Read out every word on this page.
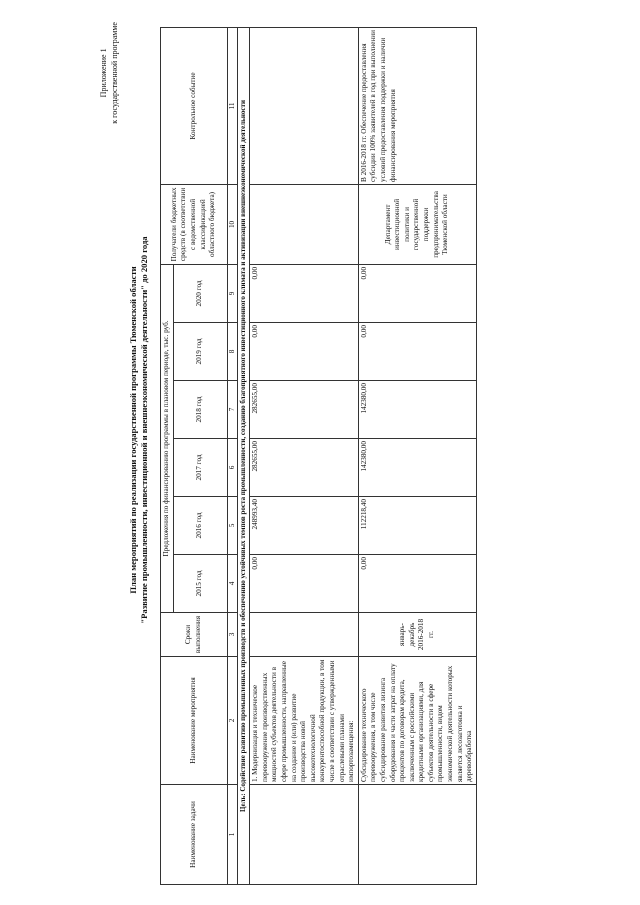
Приложение 1 к государственной программе
План мероприятий по реализации государственной программы Тюменской области "Развитие промышленности, инвестиционной и внешнеэкономической деятельности" до 2020 года
Наименование задачи	Наименование мероприятия	Сроки выполнения	Предложения по финансированию программы в плановом периоде, тыс. руб.						Получатели бюджетных средств (в соответствии с ведомственной классификацией областного бюджета)	Контрольное событие
			2015 год	2016 год	2017 год	2018 год	2019 год	2020 год		
1	2	3	4	5	6	7	8	9	10	11
Цель: Содействие развитию промышленных производств и обеспечению устойчивых темпов роста промышленности, созданию благоприятного инвестиционного климата и активизации внешнеэкономической деятельности										
	1. Модернизация и техническое перевооружение производственных мощностей субъектов деятельности в сфере промышленности, направленные на создание и (или) развитие производства новой высокотехнологичной конкурентоспособной продукции, в том числе в соответствии с утвержденными отраслевыми планами импортозамещения:		0,00	248993,40	282655,00	282655,00	0,00	0,00		
	Субсидирование технического перевооружения, в том числе субсидирование развития лизинга оборудования и части затрат на оплату процентов по договорам кредита, заключенным с российскими кредитными организациями, для субъектов деятельности в сфере промышленности, видом экономической деятельности которых является лесозаготовка и деревообработка	январь-декабрь 2016-2018 гг.	0,00	112218,40	142380,00	142380,00	0,00	0,00	Департамент инвестиционной политики и государственной поддержки предпринимательства Тюменской области	В 2016-2018 гг. Обеспечение предоставления субсидии 100% заявителей в год при выполнении условий предоставления поддержки и наличии финансирования мероприятия
